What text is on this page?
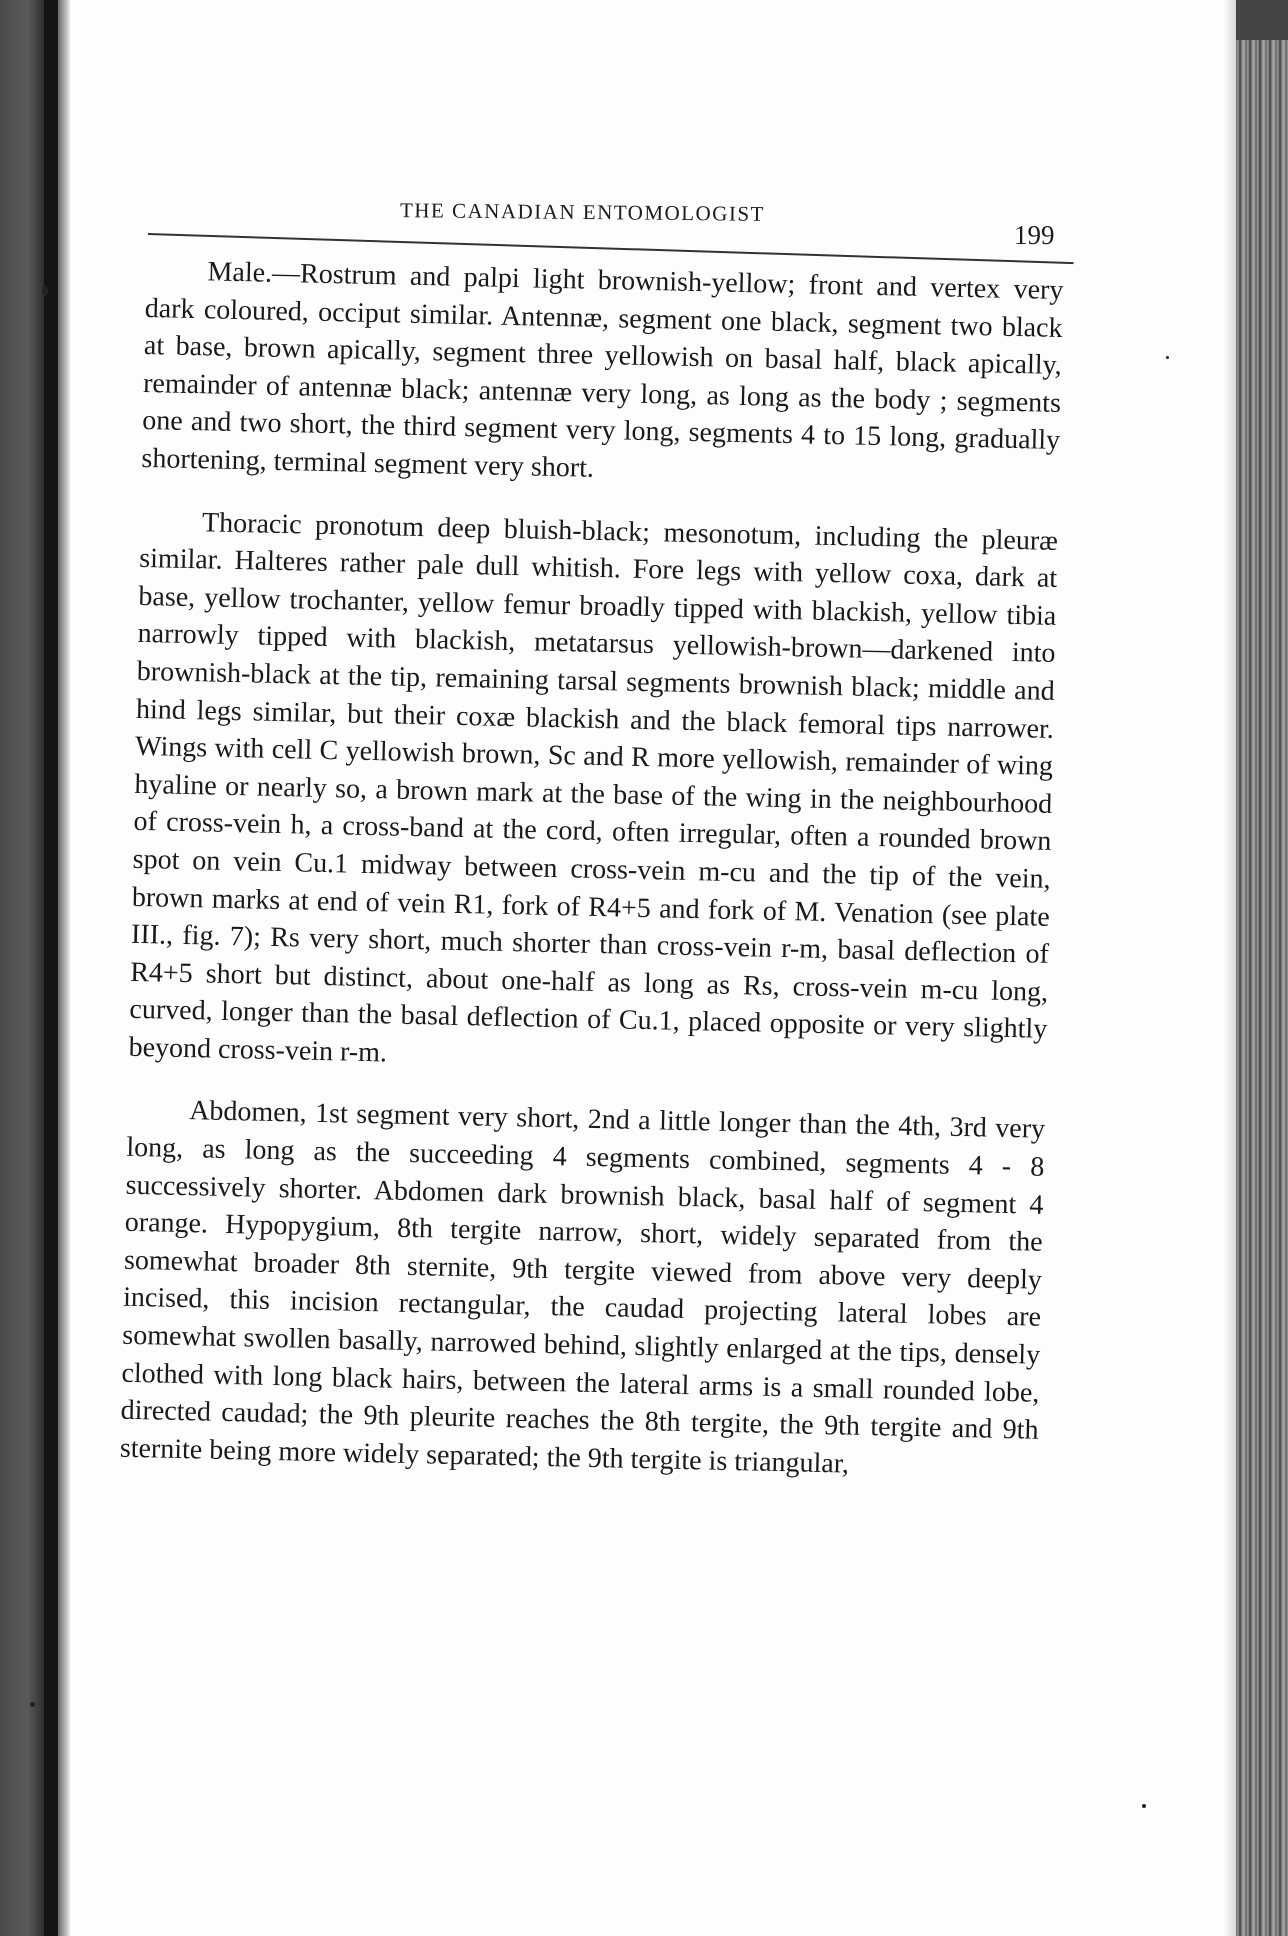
THE CANADIAN ENTOMOLOGIST
199

Male.—Rostrum and palpi light brownish-yellow; front and vertex very dark coloured, occiput similar. Antennæ, segment one black, segment two black at base, brown apically, segment three yellowish on basal half, black apically, remainder of antennæ black; antennæ very long, as long as the body ; segments one and two short, the third segment very long, segments 4 to 15 long, gradually shortening, terminal segment very short.

Thoracic pronotum deep bluish-black; mesonotum, including the pleuræ similar. Halteres rather pale dull whitish. Fore legs with yellow coxa, dark at base, yellow trochanter, yellow femur broadly tipped with blackish, yellow tibia narrowly tipped with blackish, metatarsus yellowish-brown—darkened into brownish-black at the tip, remaining tarsal segments brownish black; middle and hind legs similar, but their coxæ blackish and the black femoral tips narrower. Wings with cell C yellowish brown, Sc and R more yellowish, remainder of wing hyaline or nearly so, a brown mark at the base of the wing in the neighbourhood of cross-vein h, a cross-band at the cord, often irregular, often a rounded brown spot on vein Cu.1 midway between cross-vein m-cu and the tip of the vein, brown marks at end of vein R1, fork of R4+5 and fork of M. Venation (see plate III., fig. 7); Rs very short, much shorter than cross-vein r-m, basal deflection of R4+5 short but distinct, about one-half as long as Rs, cross-vein m-cu long, curved, longer than the basal deflection of Cu.1, placed opposite or very slightly beyond cross-vein r-m.

Abdomen, 1st segment very short, 2nd a little longer than the 4th, 3rd very long, as long as the succeeding 4 segments combined, segments 4 - 8 successively shorter. Abdomen dark brownish black, basal half of segment 4 orange. Hypopygium, 8th tergite narrow, short, widely separated from the somewhat broader 8th sternite, 9th tergite viewed from above very deeply incised, this incision rectangular, the caudad projecting lateral lobes are somewhat swollen basally, narrowed behind, slightly enlarged at the tips, densely clothed with long black hairs, between the lateral arms is a small rounded lobe, directed caudad; the 9th pleurite reaches the 8th tergite, the 9th tergite and 9th sternite being more widely separated; the 9th tergite is triangular,
